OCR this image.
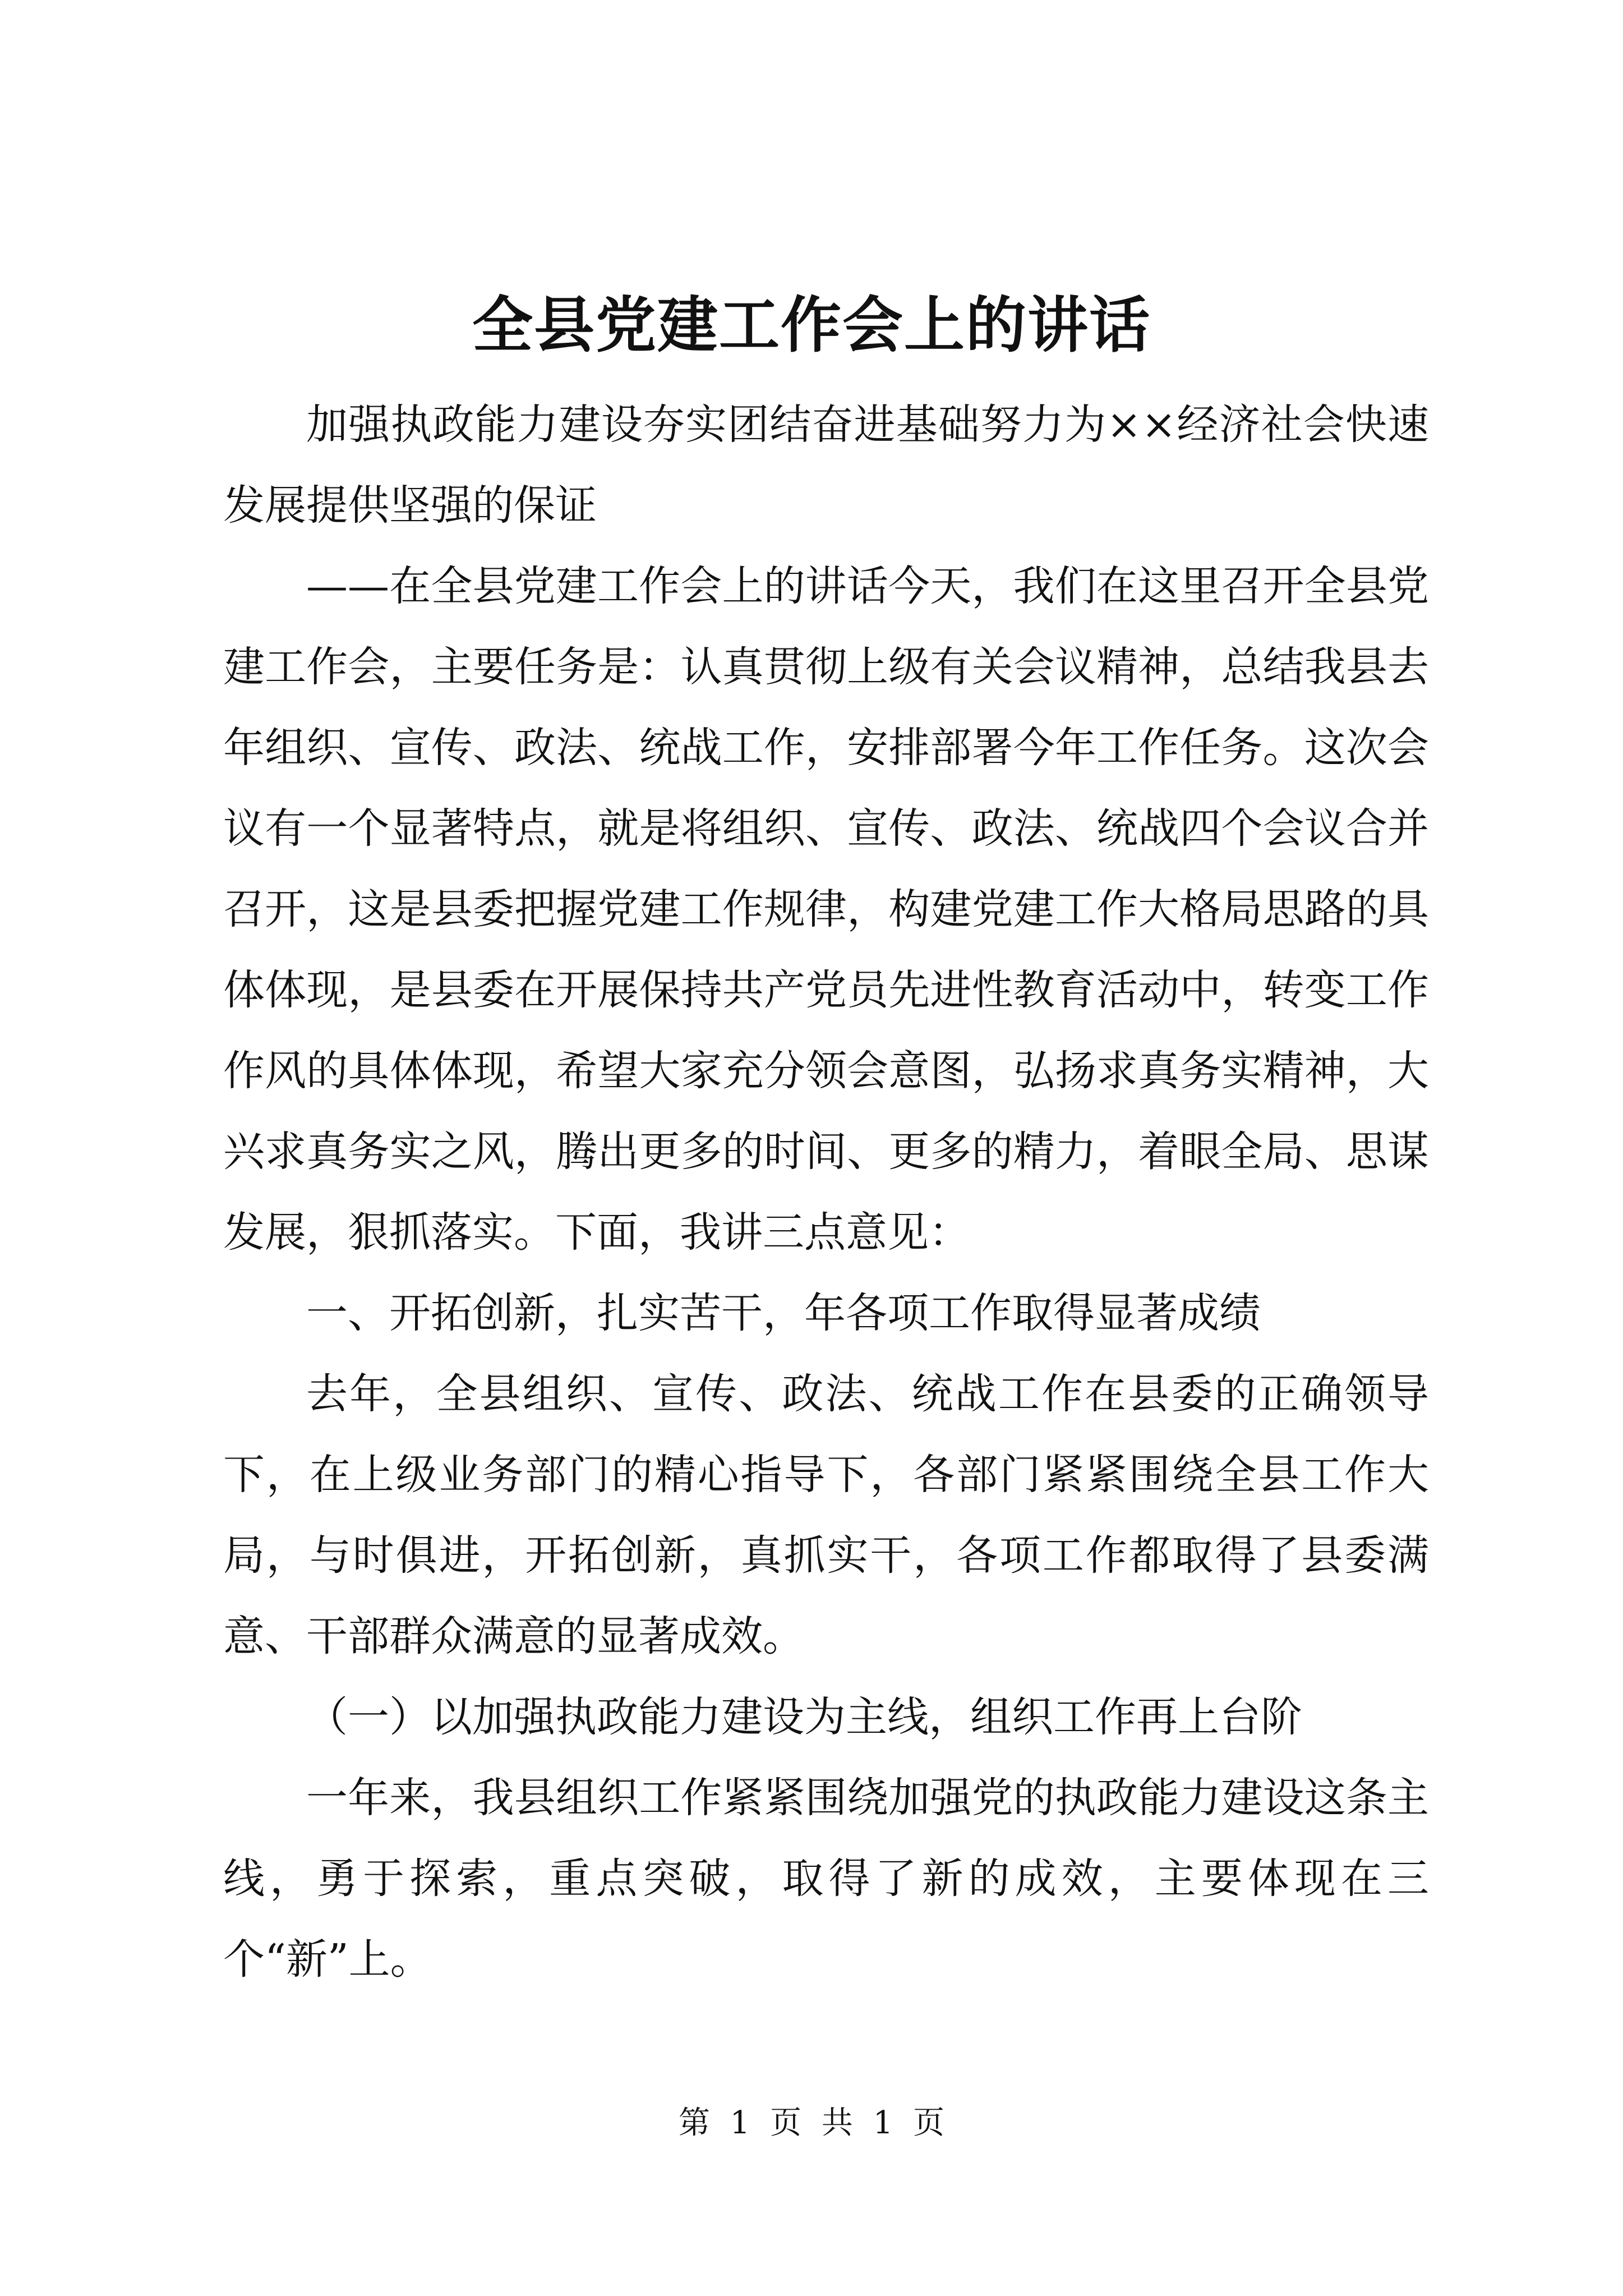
全县党建工作会上的讲话

加强执政能力建设夯实团结奋进基础努力为××经济社会快速发展提供坚强的保证

——在全县党建工作会上的讲话今天，我们在这里召开全县党建工作会，主要任务是：认真贯彻上级有关会议精神，总结我县去年组织、宣传、政法、统战工作，安排部署今年工作任务。这次会议有一个显著特点，就是将组织、宣传、政法、统战四个会议合并召开，这是县委把握党建工作规律，构建党建工作大格局思路的具体体现，是县委在开展保持共产党员先进性教育活动中，转变工作作风的具体体现，希望大家充分领会意图，弘扬求真务实精神，大兴求真务实之风，腾出更多的时间、更多的精力，着眼全局、思谋发展，狠抓落实。下面，我讲三点意见：

一、开拓创新，扎实苦干，年各项工作取得显著成绩

去年，全县组织、宣传、政法、统战工作在县委的正确领导下，在上级业务部门的精心指导下，各部门紧紧围绕全县工作大局，与时俱进，开拓创新，真抓实干，各项工作都取得了县委满意、干部群众满意的显著成效。

（一）以加强执政能力建设为主线，组织工作再上台阶

一年来，我县组织工作紧紧围绕加强党的执政能力建设这条主线，勇于探索，重点突破，取得了新的成效，主要体现在三个“新”上。

第 1 页 共 1 页
